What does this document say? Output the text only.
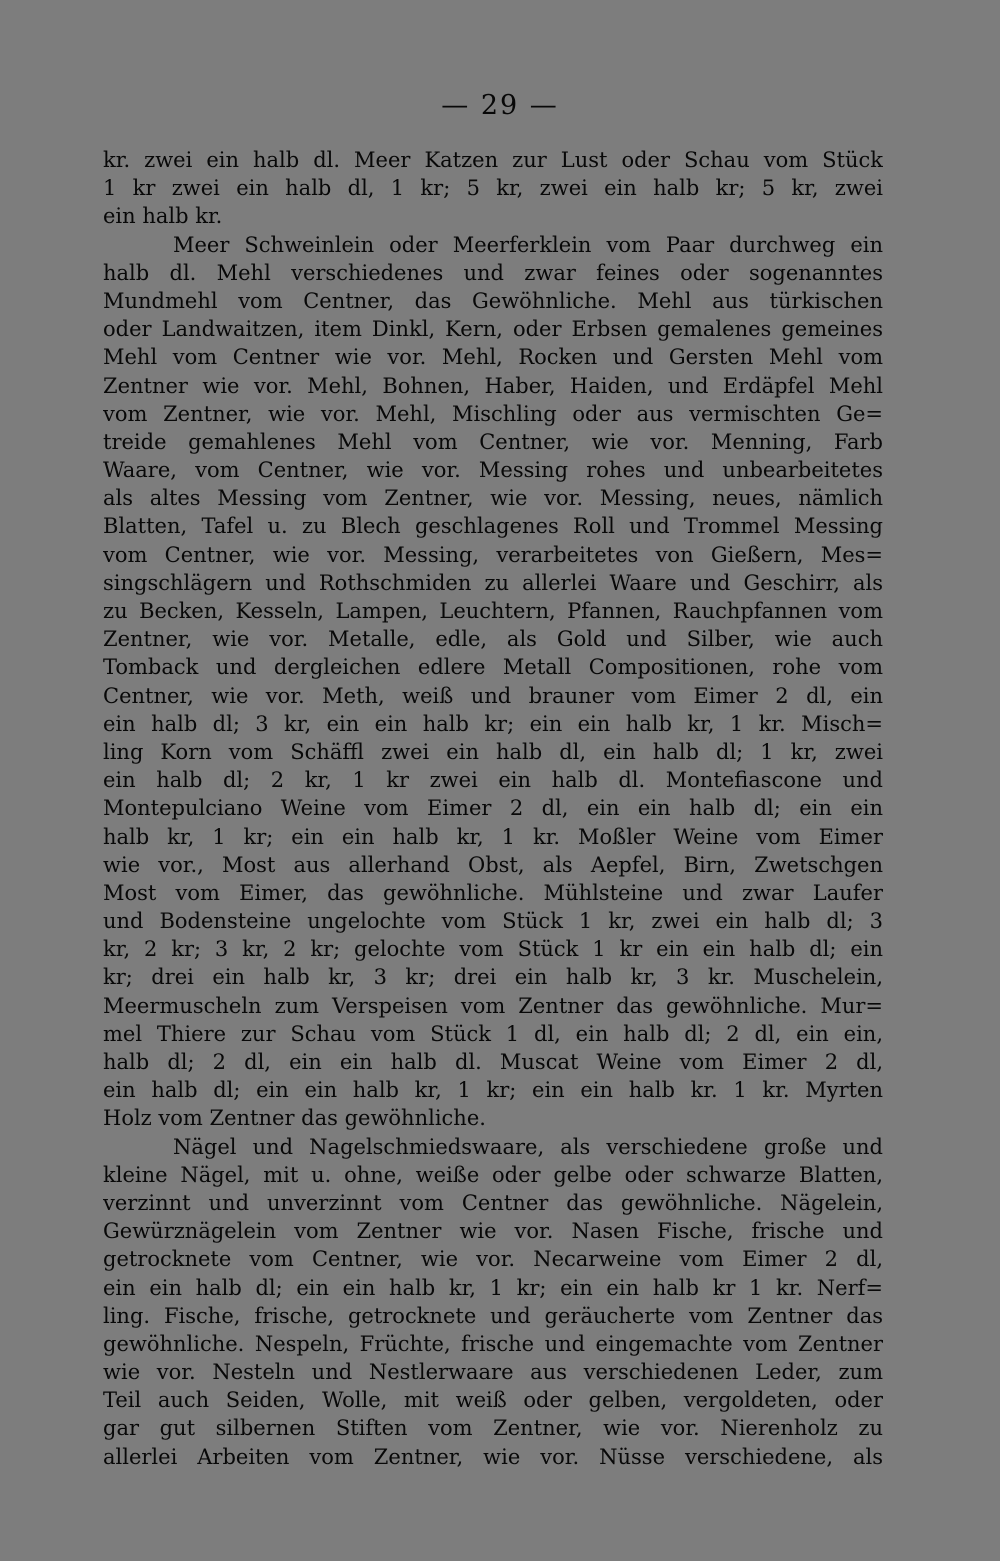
— 29 —
kr. zwei ein halb dl. Meer Katzen zur Lust oder Schau vom Stück
1 kr zwei ein halb dl, 1 kr; 5 kr, zwei ein halb kr; 5 kr, zwei
ein halb kr.
Meer Schweinlein oder Meerferklein vom Paar durchweg ein
halb dl. Mehl verschiedenes und zwar feines oder sogenanntes
Mundmehl vom Centner, das Gewöhnliche. Mehl aus türkischen
oder Landwaitzen, item Dinkl, Kern, oder Erbsen gemalenes gemeines
Mehl vom Centner wie vor. Mehl, Rocken und Gersten Mehl vom
Zentner wie vor. Mehl, Bohnen, Haber, Haiden, und Erdäpfel Mehl
vom Zentner, wie vor. Mehl, Mischling oder aus vermischten Ge=
treide gemahlenes Mehl vom Centner, wie vor. Menning, Farb
Waare, vom Centner, wie vor. Messing rohes und unbearbeitetes
als altes Messing vom Zentner, wie vor. Messing, neues, nämlich
Blatten, Tafel u. zu Blech geschlagenes Roll und Trommel Messing
vom Centner, wie vor. Messing, verarbeitetes von Gießern, Mes=
singschlägern und Rothschmiden zu allerlei Waare und Geschirr, als
zu Becken, Kesseln, Lampen, Leuchtern, Pfannen, Rauchpfannen vom
Zentner, wie vor. Metalle, edle, als Gold und Silber, wie auch
Tomback und dergleichen edlere Metall Compositionen, rohe vom
Centner, wie vor. Meth, weiß und brauner vom Eimer 2 dl, ein
ein halb dl; 3 kr, ein ein halb kr; ein ein halb kr, 1 kr. Misch=
ling Korn vom Schäffl zwei ein halb dl, ein halb dl; 1 kr, zwei
ein halb dl; 2 kr, 1 kr zwei ein halb dl. Montefiascone und
Montepulciano Weine vom Eimer 2 dl, ein ein halb dl; ein ein
halb kr, 1 kr; ein ein halb kr, 1 kr. Moßler Weine vom Eimer
wie vor., Most aus allerhand Obst, als Aepfel, Birn, Zwetschgen
Most vom Eimer, das gewöhnliche. Mühlsteine und zwar Laufer
und Bodensteine ungelochte vom Stück 1 kr, zwei ein halb dl; 3
kr, 2 kr; 3 kr, 2 kr; gelochte vom Stück 1 kr ein ein halb dl; ein
kr; drei ein halb kr, 3 kr; drei ein halb kr, 3 kr. Muschelein,
Meermuscheln zum Verspeisen vom Zentner das gewöhnliche. Mur=
mel Thiere zur Schau vom Stück 1 dl, ein halb dl; 2 dl, ein ein,
halb dl; 2 dl, ein ein halb dl. Muscat Weine vom Eimer 2 dl,
ein halb dl; ein ein halb kr, 1 kr; ein ein halb kr. 1 kr. Myrten
Holz vom Zentner das gewöhnliche.
Nägel und Nagelschmiedswaare, als verschiedene große und
kleine Nägel, mit u. ohne, weiße oder gelbe oder schwarze Blatten,
verzinnt und unverzinnt vom Centner das gewöhnliche. Nägelein,
Gewürznägelein vom Zentner wie vor. Nasen Fische, frische und
getrocknete vom Centner, wie vor. Necarweine vom Eimer 2 dl,
ein ein halb dl; ein ein halb kr, 1 kr; ein ein halb kr 1 kr. Nerf=
ling. Fische, frische, getrocknete und geräucherte vom Zentner das
gewöhnliche. Nespeln, Früchte, frische und eingemachte vom Zentner
wie vor. Nesteln und Nestlerwaare aus verschiedenen Leder, zum
Teil auch Seiden, Wolle, mit weiß oder gelben, vergoldeten, oder
gar gut silbernen Stiften vom Zentner, wie vor. Nierenholz zu
allerlei Arbeiten vom Zentner, wie vor. Nüsse verschiedene, als
